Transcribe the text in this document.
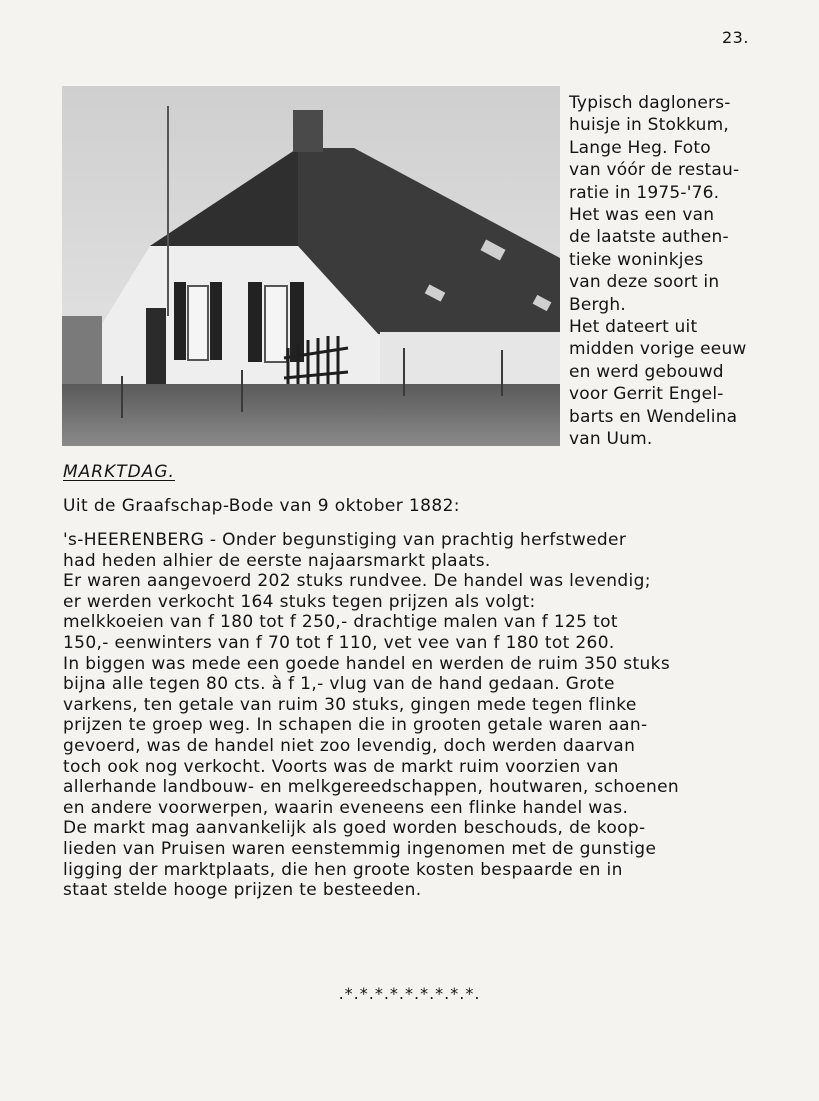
23.

Typisch dagloners-

huisje in Stokkum,

Lange Heg. Foto

van vóór de restau-

ratie in 1975-'76.

Het was een van

de laatste authen-

tieke woninkjes

van deze soort in

Bergh.

Het dateert uit

midden vorige eeuw

en werd gebouwd

voor Gerrit Engel-

barts en Wendelina

van Uum.

MARKTDAG.
Uit de Graafschap-Bode van 9 oktober 1882:

's-HEERENBERG - Onder begunstiging van prachtig herfstweder

had heden alhier de eerste najaarsmarkt plaats.

Er waren aangevoerd 202 stuks rundvee. De handel was levendig;

er werden verkocht 164 stuks tegen prijzen als volgt:

melkkoeien van f 180 tot f 250,- drachtige malen van f 125 tot

150,- eenwinters van f 70 tot f 110, vet vee van f 180 tot 260.

In biggen was mede een goede handel en werden de ruim 350 stuks

bijna alle tegen 80 cts. à f 1,- vlug van de hand gedaan. Grote

varkens, ten getale van ruim 30 stuks, gingen mede tegen flinke

prijzen te groep weg. In schapen die in grooten getale waren aan-

gevoerd, was de handel niet zoo levendig, doch werden daarvan

toch ook nog verkocht. Voorts was de markt ruim voorzien van

allerhande landbouw- en melkgereedschappen, houtwaren, schoenen

en andere voorwerpen, waarin eveneens een flinke handel was.

De markt mag aanvankelijk als goed worden beschouds, de koop-

lieden van Pruisen waren eenstemmig ingenomen met de gunstige

ligging der marktplaats, die hen groote kosten bespaarde en in

staat stelde hooge prijzen te besteeden.

.*.*.*.*.*.*.*.*.*.
